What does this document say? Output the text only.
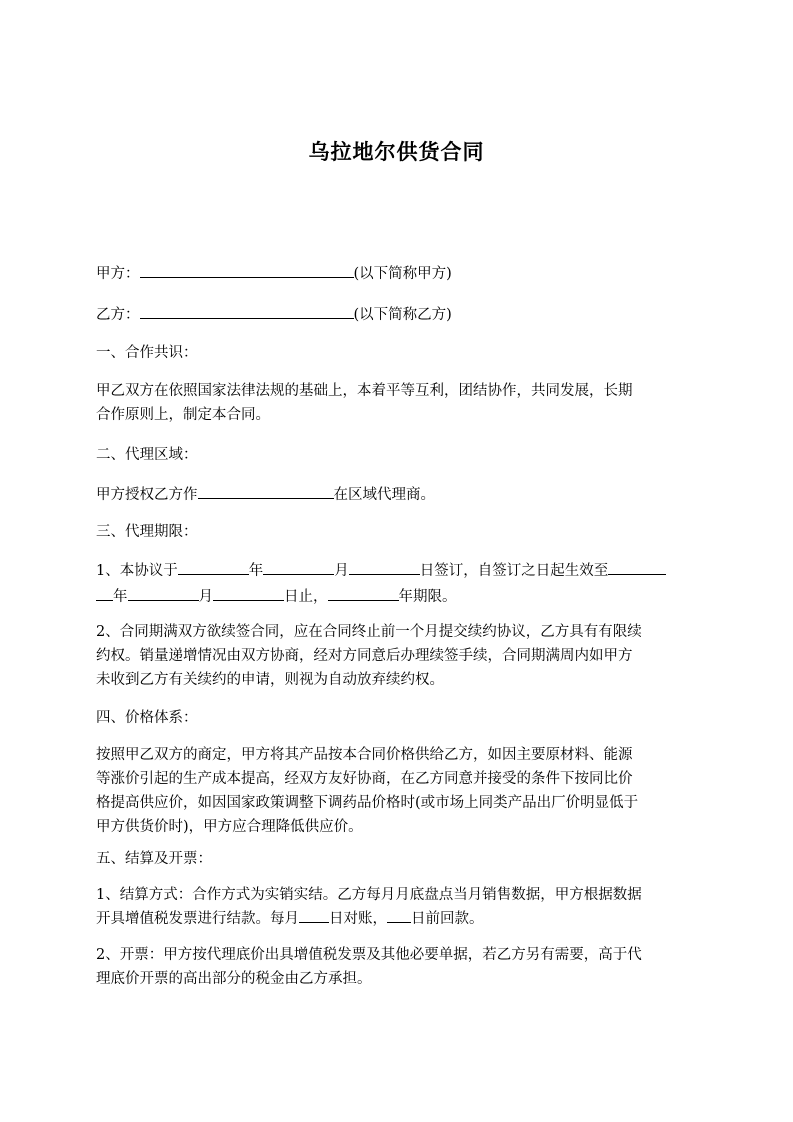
乌拉地尔供货合同
甲方：	(以下简称甲方)
乙方：	(以下简称乙方)
一、合作共识：
甲乙双方在依照国家法律法规的基础上，本着平等互利，团结协作，共同发展，长期
合作原则上，制定本合同。
二、代理区域：
甲方授权乙方作	在区域代理商。
三、代理期限：
1、本协议于	年	月	日签订，自签订之日起生效至
年	月	日止，	年期限。
2、合同期满双方欲续签合同，应在合同终止前一个月提交续约协议，乙方具有有限续
约权。销量递增情况由双方协商，经对方同意后办理续签手续，合同期满周内如甲方
未收到乙方有关续约的申请，则视为自动放弃续约权。
四、价格体系：
按照甲乙双方的商定，甲方将其产品按本合同价格供给乙方，如因主要原材料、能源
等涨价引起的生产成本提高，经双方友好协商，在乙方同意并接受的条件下按同比价
格提高供应价，如因国家政策调整下调药品价格时(或市场上同类产品出厂价明显低于
甲方供货价时)，甲方应合理降低供应价。
五、结算及开票：
1、结算方式：合作方式为实销实结。乙方每月月底盘点当月销售数据，甲方根据数据
开具增值税发票进行结款。每月 日对账， 日前回款。
2、开票：甲方按代理底价出具增值税发票及其他必要单据，若乙方另有需要，高于代
理底价开票的高出部分的税金由乙方承担。
